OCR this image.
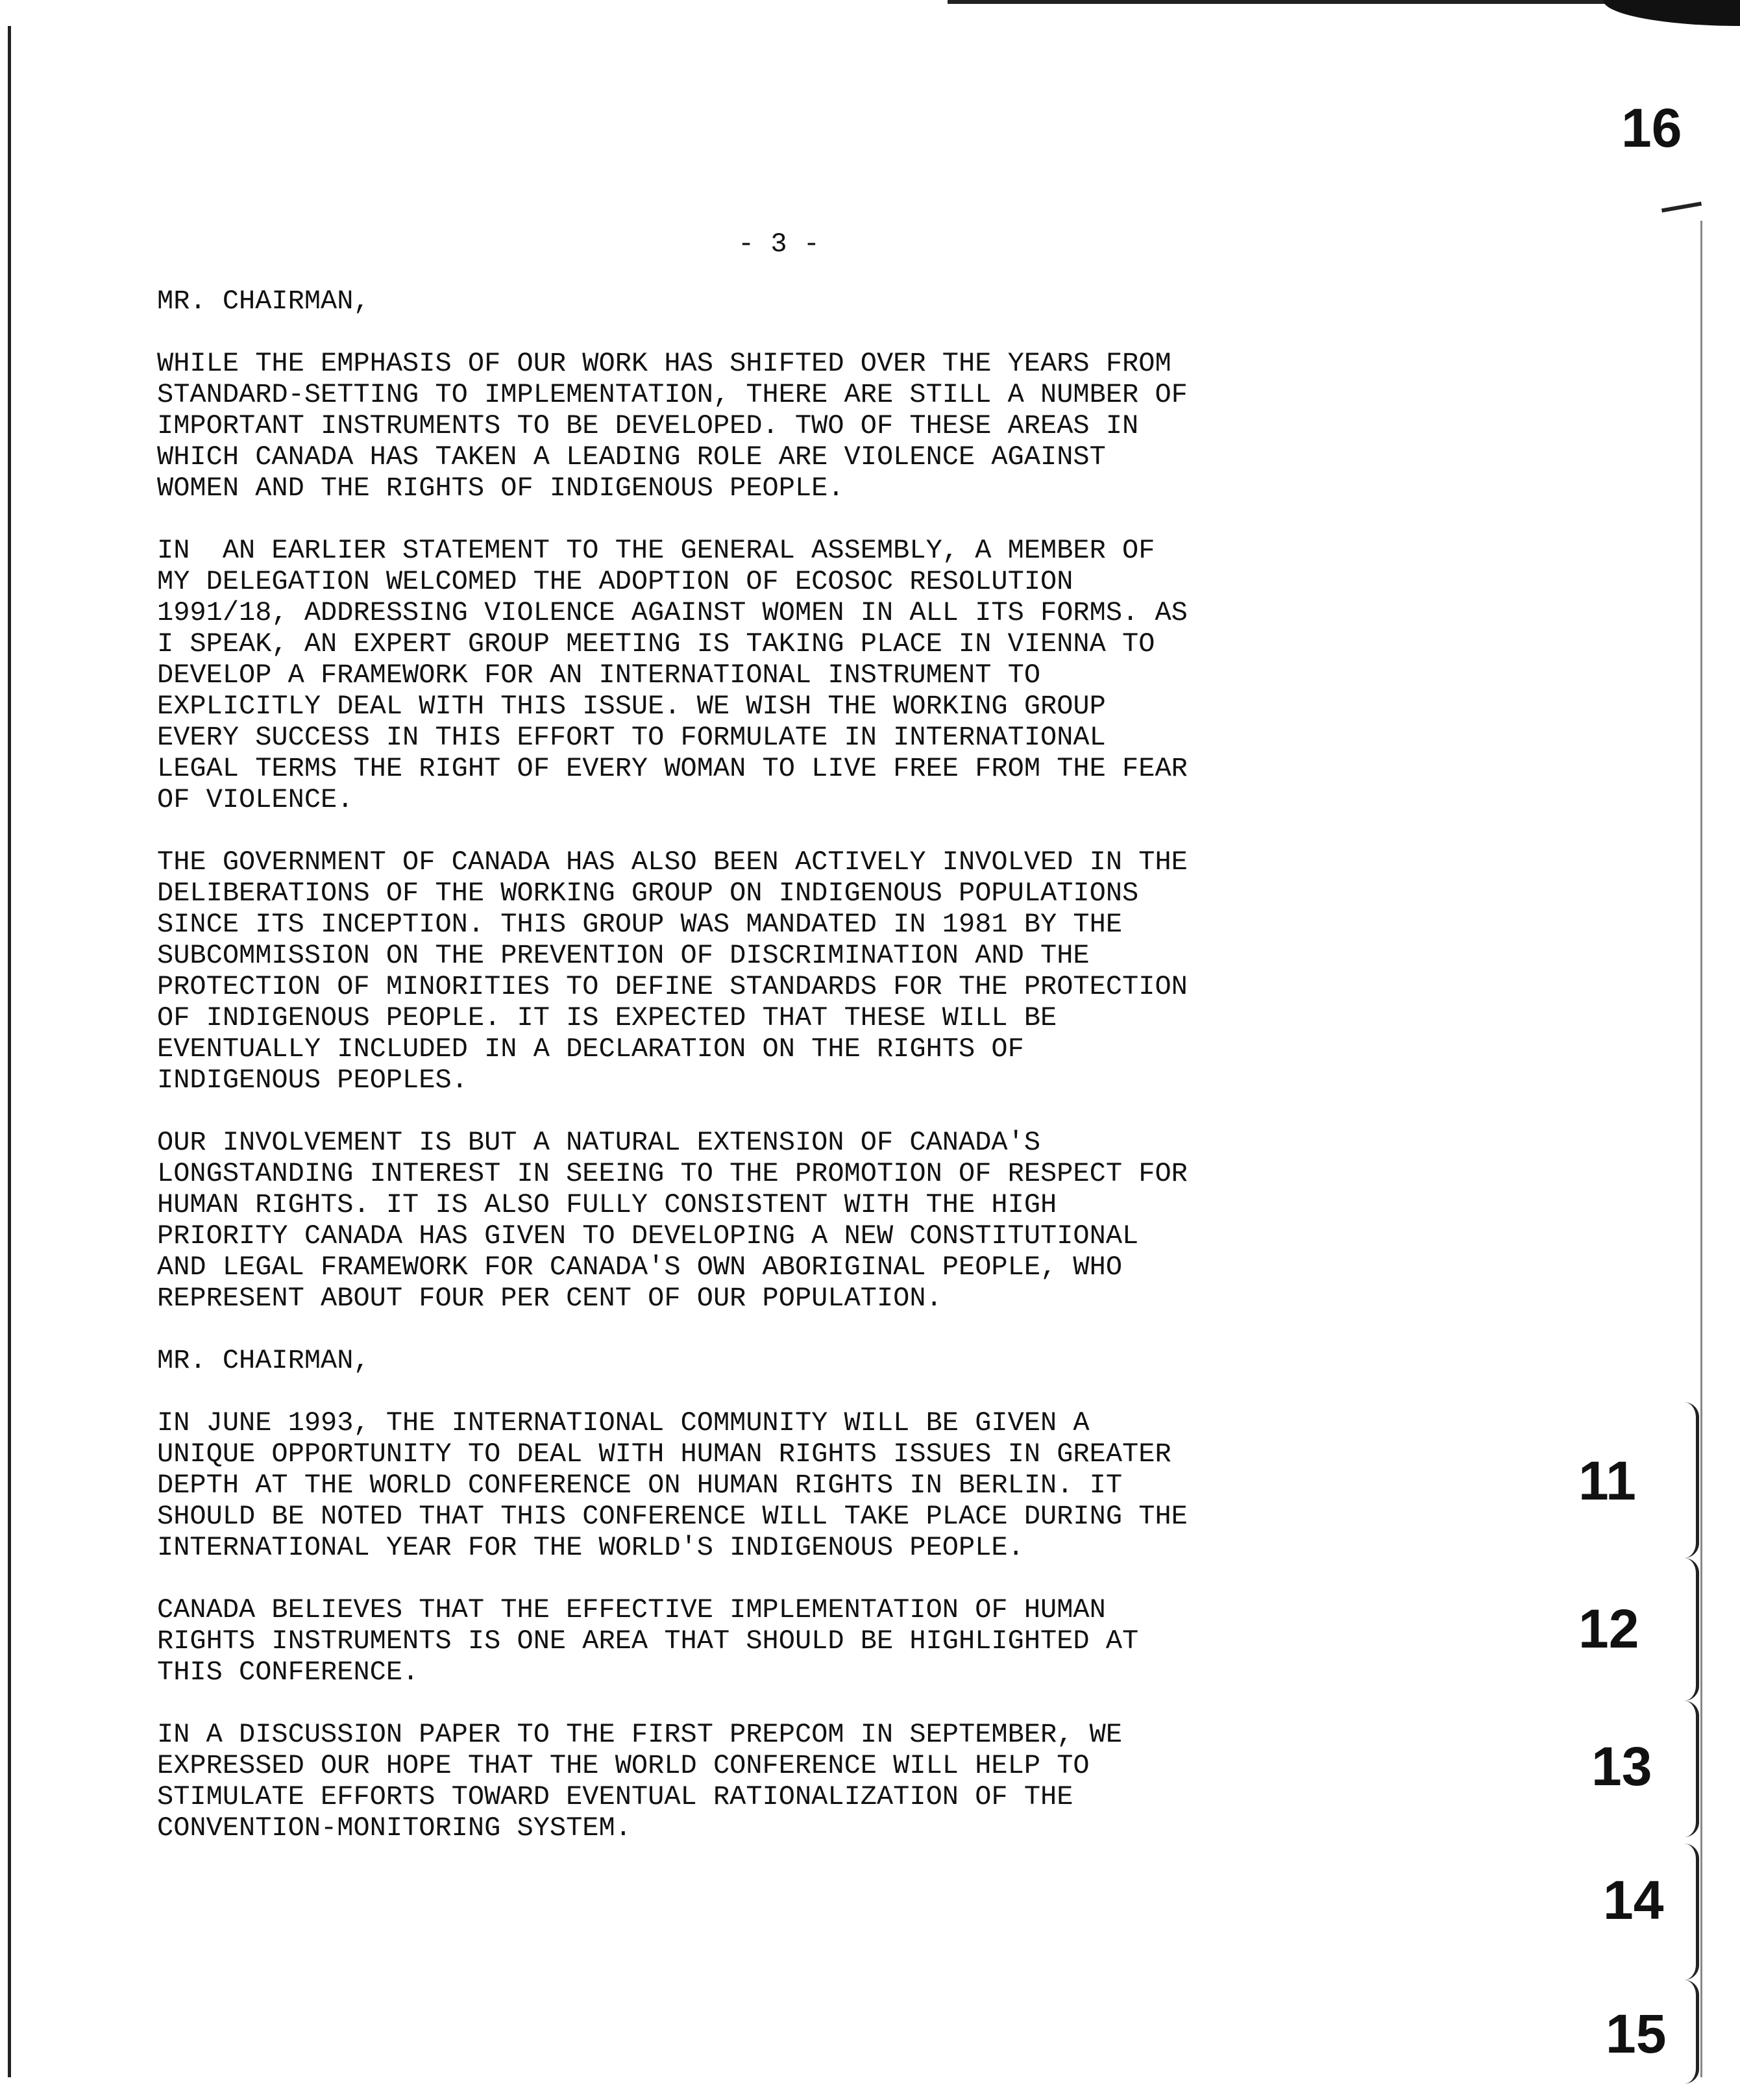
16
11
12
13
14
15
- 3 -

MR. CHAIRMAN,

WHILE THE EMPHASIS OF OUR WORK HAS SHIFTED OVER THE YEARS FROM
STANDARD-SETTING TO IMPLEMENTATION, THERE ARE STILL A NUMBER OF
IMPORTANT INSTRUMENTS TO BE DEVELOPED. TWO OF THESE AREAS IN
WHICH CANADA HAS TAKEN A LEADING ROLE ARE VIOLENCE AGAINST
WOMEN AND THE RIGHTS OF INDIGENOUS PEOPLE.

IN  AN EARLIER STATEMENT TO THE GENERAL ASSEMBLY, A MEMBER OF
MY DELEGATION WELCOMED THE ADOPTION OF ECOSOC RESOLUTION
1991/18, ADDRESSING VIOLENCE AGAINST WOMEN IN ALL ITS FORMS. AS
I SPEAK, AN EXPERT GROUP MEETING IS TAKING PLACE IN VIENNA TO
DEVELOP A FRAMEWORK FOR AN INTERNATIONAL INSTRUMENT TO
EXPLICITLY DEAL WITH THIS ISSUE. WE WISH THE WORKING GROUP
EVERY SUCCESS IN THIS EFFORT TO FORMULATE IN INTERNATIONAL
LEGAL TERMS THE RIGHT OF EVERY WOMAN TO LIVE FREE FROM THE FEAR
OF VIOLENCE.

THE GOVERNMENT OF CANADA HAS ALSO BEEN ACTIVELY INVOLVED IN THE
DELIBERATIONS OF THE WORKING GROUP ON INDIGENOUS POPULATIONS
SINCE ITS INCEPTION. THIS GROUP WAS MANDATED IN 1981 BY THE
SUBCOMMISSION ON THE PREVENTION OF DISCRIMINATION AND THE
PROTECTION OF MINORITIES TO DEFINE STANDARDS FOR THE PROTECTION
OF INDIGENOUS PEOPLE. IT IS EXPECTED THAT THESE WILL BE
EVENTUALLY INCLUDED IN A DECLARATION ON THE RIGHTS OF
INDIGENOUS PEOPLES.

OUR INVOLVEMENT IS BUT A NATURAL EXTENSION OF CANADA'S
LONGSTANDING INTEREST IN SEEING TO THE PROMOTION OF RESPECT FOR
HUMAN RIGHTS. IT IS ALSO FULLY CONSISTENT WITH THE HIGH
PRIORITY CANADA HAS GIVEN TO DEVELOPING A NEW CONSTITUTIONAL
AND LEGAL FRAMEWORK FOR CANADA'S OWN ABORIGINAL PEOPLE, WHO
REPRESENT ABOUT FOUR PER CENT OF OUR POPULATION.

MR. CHAIRMAN,

IN JUNE 1993, THE INTERNATIONAL COMMUNITY WILL BE GIVEN A
UNIQUE OPPORTUNITY TO DEAL WITH HUMAN RIGHTS ISSUES IN GREATER
DEPTH AT THE WORLD CONFERENCE ON HUMAN RIGHTS IN BERLIN. IT
SHOULD BE NOTED THAT THIS CONFERENCE WILL TAKE PLACE DURING THE
INTERNATIONAL YEAR FOR THE WORLD'S INDIGENOUS PEOPLE.

CANADA BELIEVES THAT THE EFFECTIVE IMPLEMENTATION OF HUMAN
RIGHTS INSTRUMENTS IS ONE AREA THAT SHOULD BE HIGHLIGHTED AT
THIS CONFERENCE.

IN A DISCUSSION PAPER TO THE FIRST PREPCOM IN SEPTEMBER, WE
EXPRESSED OUR HOPE THAT THE WORLD CONFERENCE WILL HELP TO
STIMULATE EFFORTS TOWARD EVENTUAL RATIONALIZATION OF THE
CONVENTION-MONITORING SYSTEM.
